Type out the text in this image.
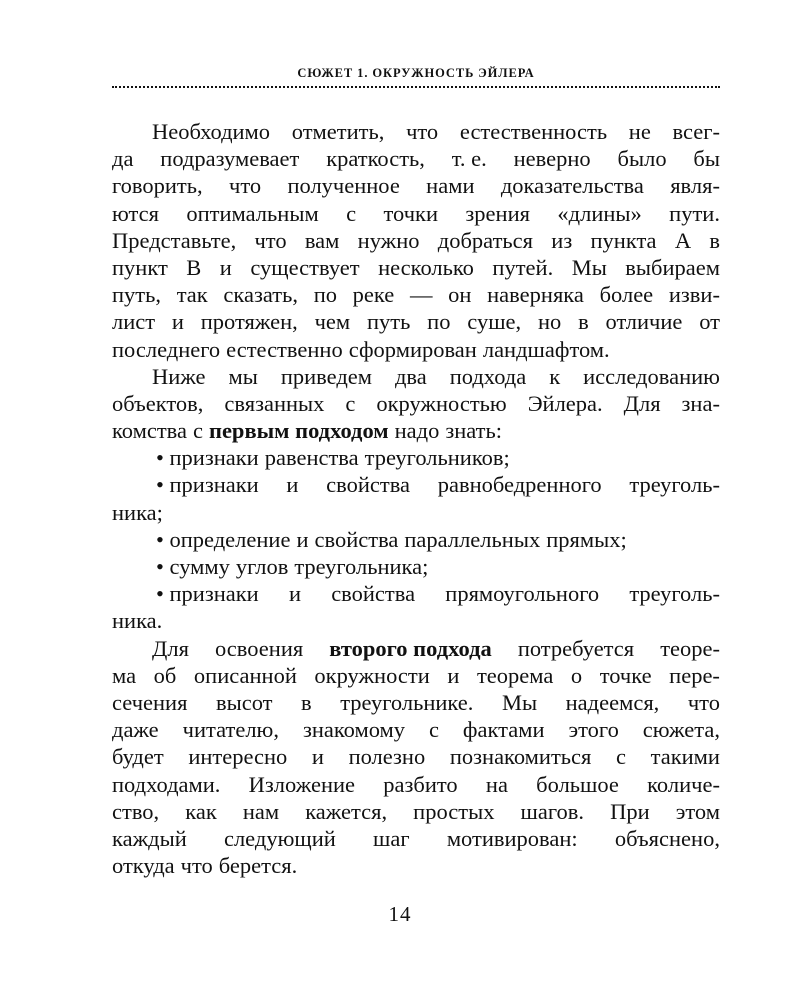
СЮЖЕТ 1. ОКРУЖНОСТЬ ЭЙЛЕРА
Необходимо отметить, что естественность не всег-
да подразумевает краткость, т. е. неверно было бы
говорить, что полученное нами доказательства явля-
ются оптимальным с точки зрения «длины» пути.
Представьте, что вам нужно добраться из пункта А в
пункт В и существует несколько путей. Мы выбираем
путь, так сказать, по реке — он наверняка более изви-
лист и протяжен, чем путь по суше, но в отличие от
последнего естественно сформирован ландшафтом.
Ниже мы приведем два подхода к исследованию
объектов, связанных с окружностью Эйлера. Для зна-
комства с первым подходом надо знать:
• признаки равенства треугольников;
• признаки и свойства равнобедренного треуголь-
ника;
• определение и свойства параллельных прямых;
• сумму углов треугольника;
• признаки и свойства прямоугольного треуголь-
ника.
Для освоения второго подхода потребуется теоре-
ма об описанной окружности и теорема о точке пере-
сечения высот в треугольнике. Мы надеемся, что
даже читателю, знакомому с фактами этого сюжета,
будет интересно и полезно познакомиться с такими
подходами. Изложение разбито на большое количе-
ство, как нам кажется, простых шагов. При этом
каждый следующий шаг мотивирован: объяснено,
откуда что берется.
14
